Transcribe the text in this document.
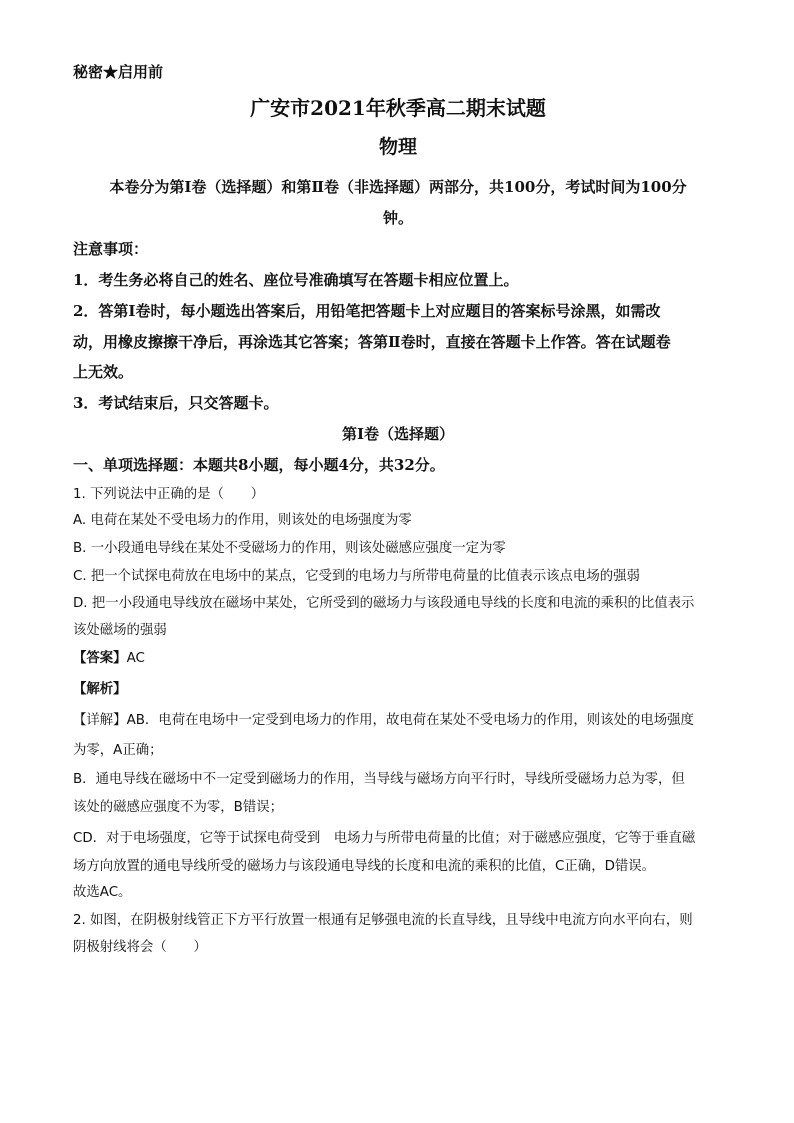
秘密★启用前
广安市2021年秋季高二期末试题
物理
本卷分为第Ⅰ卷（选择题）和第Ⅱ卷（非选择题）两部分，共100分，考试时间为100分
钟。
注意事项：
1．考生务必将自己的姓名、座位号准确填写在答题卡相应位置上。
2．答第Ⅰ卷时，每小题选出答案后，用铅笔把答题卡上对应题目的答案标号涂黑，如需改
动，用橡皮擦擦干净后，再涂选其它答案；答第Ⅱ卷时，直接在答题卡上作答。答在试题卷
上无效。
3．考试结束后，只交答题卡。
第Ⅰ卷（选择题）
一、单项选择题：本题共8小题，每小题4分，共32分。
1. 下列说法中正确的是（　　）
A. 电荷在某处不受电场力的作用，则该处的电场强度为零
B. 一小段通电导线在某处不受磁场力的作用，则该处磁感应强度一定为零
C. 把一个试探电荷放在电场中的某点，它受到的电场力与所带电荷量的比值表示该点电场的强弱
D. 把一小段通电导线放在磁场中某处，它所受到的磁场力与该段通电导线的长度和电流的乘积的比值表示
该处磁场的强弱
【答案】AC
【解析】
【详解】AB．电荷在电场中一定受到电场力的作用，故电荷在某处不受电场力的作用，则该处的电场强度
为零，A正确；
B．通电导线在磁场中不一定受到磁场力的作用，当导线与磁场方向平行时，导线所受磁场力总为零，但
该处的磁感应强度不为零，B错误；
CD．对于电场强度，它等于试探电荷受到　电场力与所带电荷量的比值；对于磁感应强度，它等于垂直磁
场方向放置的通电导线所受的磁场力与该段通电导线的长度和电流的乘积的比值，C正确，D错误。
故选AC。
2. 如图，在阴极射线管正下方平行放置一根通有足够强电流的长直导线，且导线中电流方向水平向右，则
阴极射线将会（　　）
